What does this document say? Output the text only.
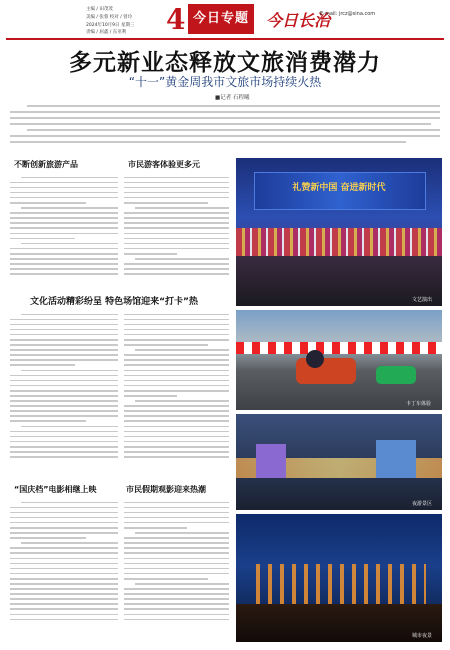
主编 / 田茂茂
美编 / 张蓉 校对 / 曾玲
2024年10月9日 星期三
责编 / 屈鑫 / 东亚利 4 今日专题	今日长治
E-mail: jrcz@sina.com
多元新业态释放文旅消费潜力
“十一”黄金周我市文旅市场持续火热
■记者 石程曦
不断创新旅游产品	市民游客体验更多元
礼赞新中国 奋进新时代
文艺演出
文化活动精彩纷呈 特色场馆迎来“打卡”热
卡丁车体验
夜游景区
“国庆档”电影相继上映	市民假期观影迎来热潮
城市夜景
